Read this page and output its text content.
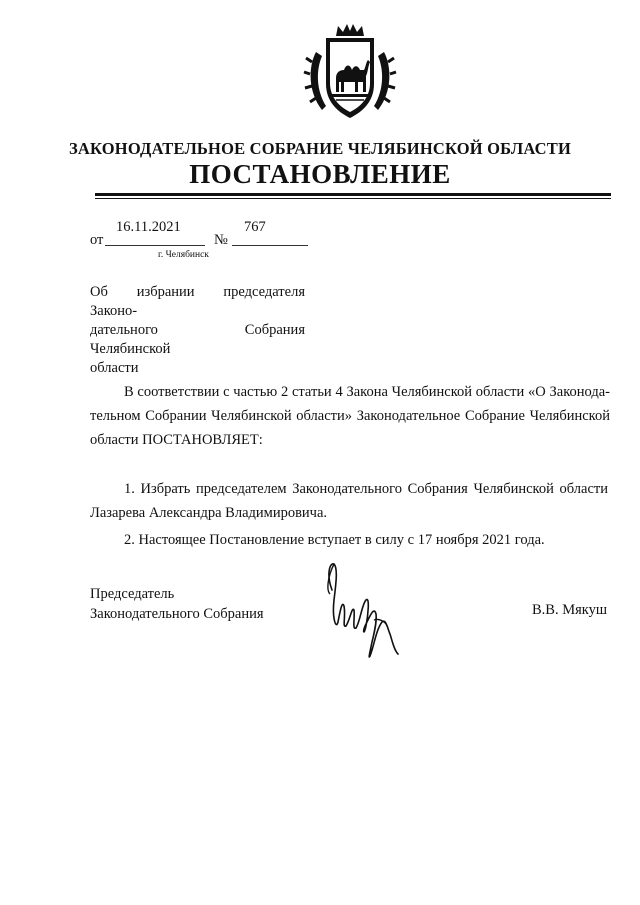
ЗАКОНОДАТЕЛЬНОЕ СОБРАНИЕ ЧЕЛЯБИНСКОЙ ОБЛАСТИ
ПОСТАНОВЛЕНИЕ
от
16.11.2021
№
767
г. Челябинск
Об избрании председателя Законо-
дательного Собрания Челябинской
области
В соответствии с частью 2 статьи 4 Закона Челябинской области «О Законода-
тельном Собрании Челябинской области» Законодательное Собрание Челябинской
области ПОСТАНОВЛЯЕТ:
1. Избрать председателем Законодательного Собрания Челябинской области
Лазарева Александра Владимировича.
2. Настоящее Постановление вступает в силу с 17 ноября 2021 года.
Председатель
Законодательного Собрания	В.В. Мякуш
